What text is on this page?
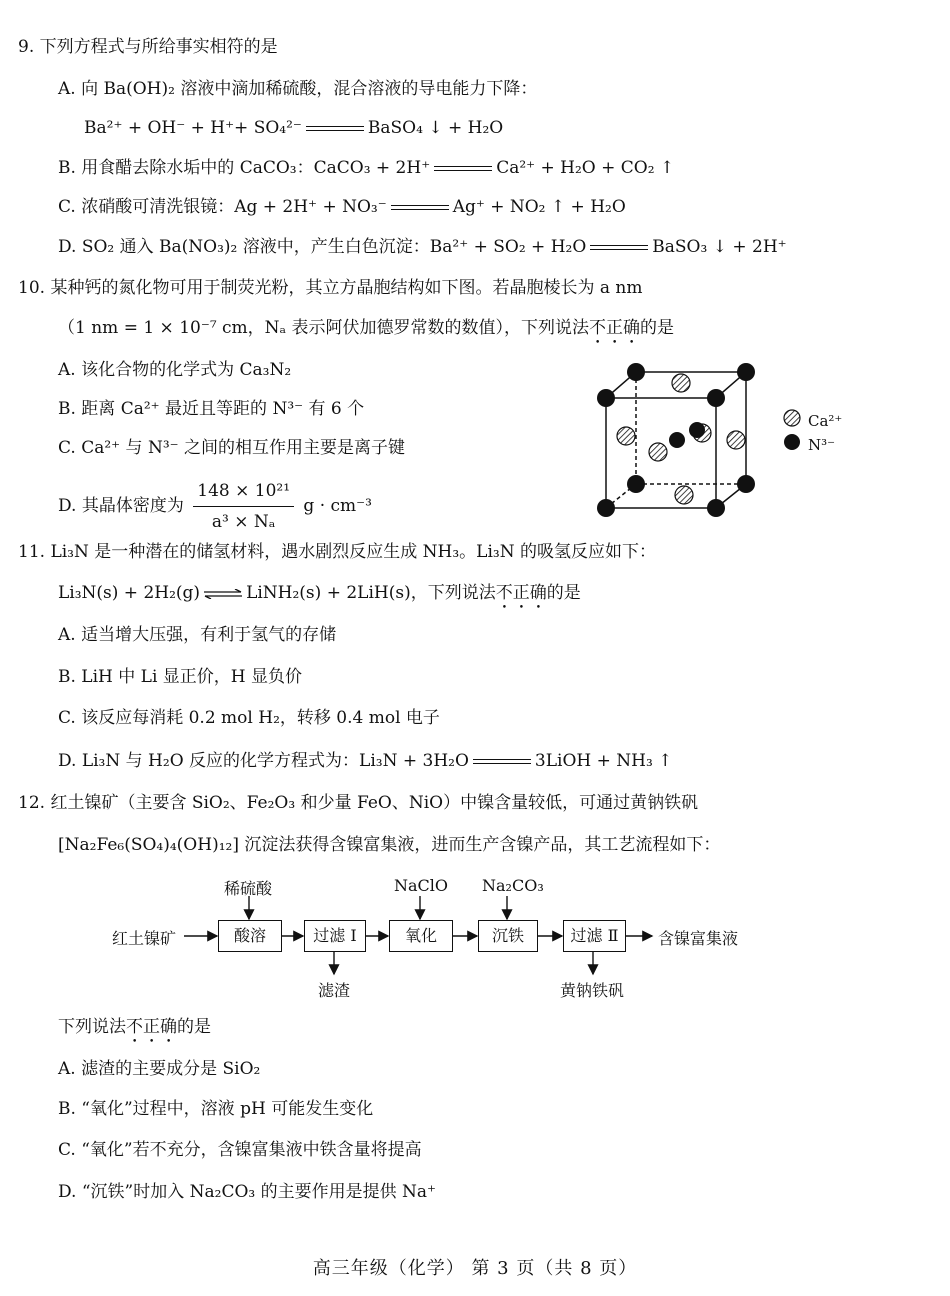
9. 下列方程式与所给事实相符的是
A. 向 Ba(OH)₂ 溶液中滴加稀硫酸，混合溶液的导电能力下降：
Ba²⁺ + OH⁻ + H⁺+ SO₄²⁻	BaSO₄ ↓ + H₂O
B. 用食醋去除水垢中的 CaCO₃：CaCO₃ + 2H⁺	Ca²⁺ + H₂O + CO₂ ↑
C. 浓硝酸可清洗银镜：Ag + 2H⁺ + NO₃⁻	Ag⁺ + NO₂ ↑ + H₂O
D. SO₂ 通入 Ba(NO₃)₂ 溶液中，产生白色沉淀：Ba²⁺ + SO₂ + H₂O	BaSO₃ ↓ + 2H⁺
10. 某种钙的氮化物可用于制荧光粉，其立方晶胞结构如下图。若晶胞棱长为 a nm
（1 nm = 1 × 10⁻⁷ cm，Nₐ 表示阿伏加德罗常数的数值），下列说法不正确的是
A. 该化合物的化学式为 Ca₃N₂
B. 距离 Ca²⁺ 最近且等距的 N³⁻ 有 6 个
C. Ca²⁺ 与 N³⁻ 之间的相互作用主要是离子键
D. 其晶体密度为 $\frac{\text{148 × 10²¹}}{\text{a³ × Nₐ}}$ g · cm⁻³
Ca²⁺
N³⁻
11. Li₃N 是一种潜在的储氢材料，遇水剧烈反应生成 NH₃。Li₃N 的吸氢反应如下：
Li₃N(s) + 2H₂(g) ⇌ LiNH₂(s) + 2LiH(s)，下列说法不正确的是
A. 适当增大压强，有利于氢气的存储
B. LiH 中 Li 显正价，H 显负价
C. 该反应每消耗 0.2 mol H₂，转移 0.4 mol 电子
D. Li₃N 与 H₂O 反应的化学方程式为：Li₃N + 3H₂O	3LiOH + NH₃ ↑
12. 红土镍矿（主要含 SiO₂、Fe₂O₃ 和少量 FeO、NiO）中镍含量较低，可通过黄钠铁矾
[Na₂Fe₆(SO₄)₄(OH)₁₂] 沉淀法获得含镍富集液，进而生产含镍产品，其工艺流程如下：
红土镍矿
稀硫酸	NaClO Na₂CO₃
酸溶	过滤 Ⅰ	氧化	沉铁	过滤 Ⅱ	含镍富集液
滤渣	黄钠铁矾
下列说法不正确的是
A. 滤渣的主要成分是 SiO₂
B. “氧化”过程中，溶液 pH 可能发生变化
C. “氧化”若不充分，含镍富集液中铁含量将提高
D. “沉铁”时加入 Na₂CO₃ 的主要作用是提供 Na⁺
高三年级（化学） 第 3 页（共 8 页）
